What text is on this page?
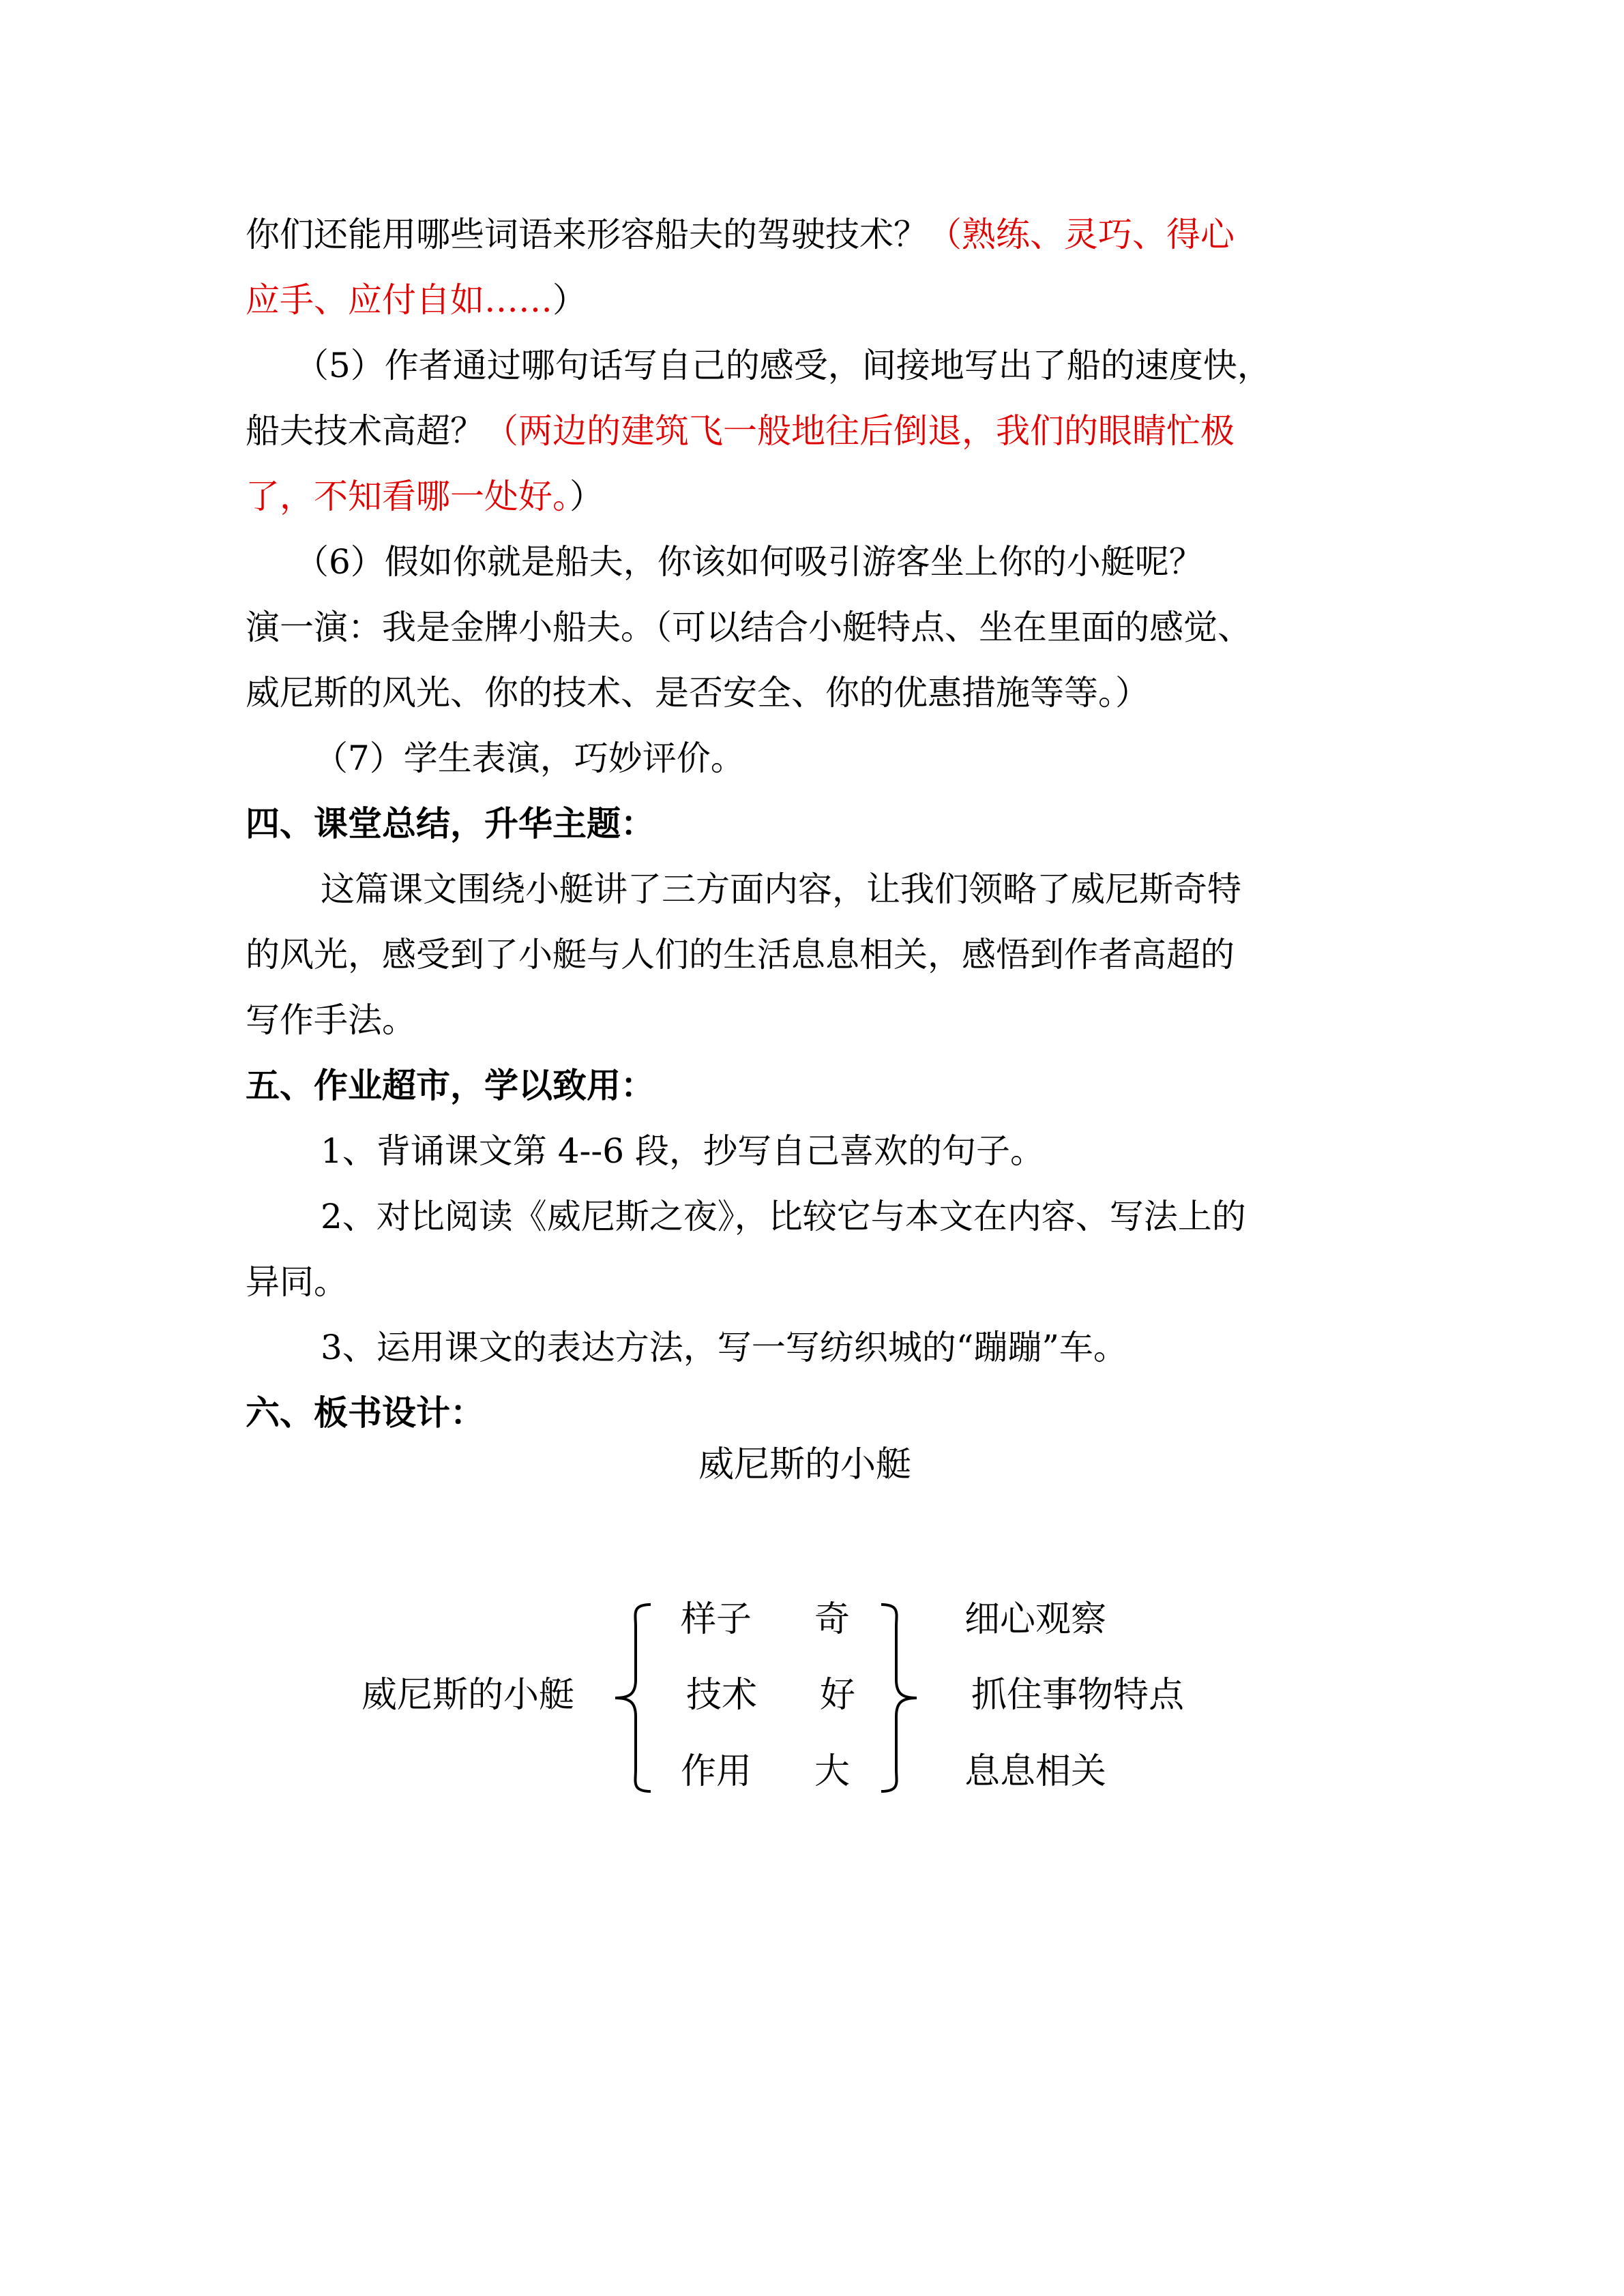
你们还能用哪些词语来形容船夫的驾驶技术？（熟练、灵巧、得心
应手、应付自如……）
（5）作者通过哪句话写自己的感受，间接地写出了船的速度快，
船夫技术高超？（两边的建筑飞一般地往后倒退，我们的眼睛忙极
了，不知看哪一处好。）
（6）假如你就是船夫，你该如何吸引游客坐上你的小艇呢？
演一演：我是金牌小船夫。（可以结合小艇特点、坐在里面的感觉、
威尼斯的风光、你的技术、是否安全、你的优惠措施等等。）
（7）学生表演，巧妙评价。
四、课堂总结，升华主题：
这篇课文围绕小艇讲了三方面内容，让我们领略了威尼斯奇特
的风光，感受到了小艇与人们的生活息息相关，感悟到作者高超的
写作手法。
五、作业超市，学以致用：
1、背诵课文第 4--6 段，抄写自己喜欢的句子。
2、对比阅读《威尼斯之夜》，比较它与本文在内容、写法上的
异同。
3、运用课文的表达方法，写一写纺织城的“蹦蹦”车。
六、板书设计：
威尼斯的小艇
威尼斯的小艇
样子 奇	细心观察
技术 好	抓住事物特点
作用 大	息息相关
